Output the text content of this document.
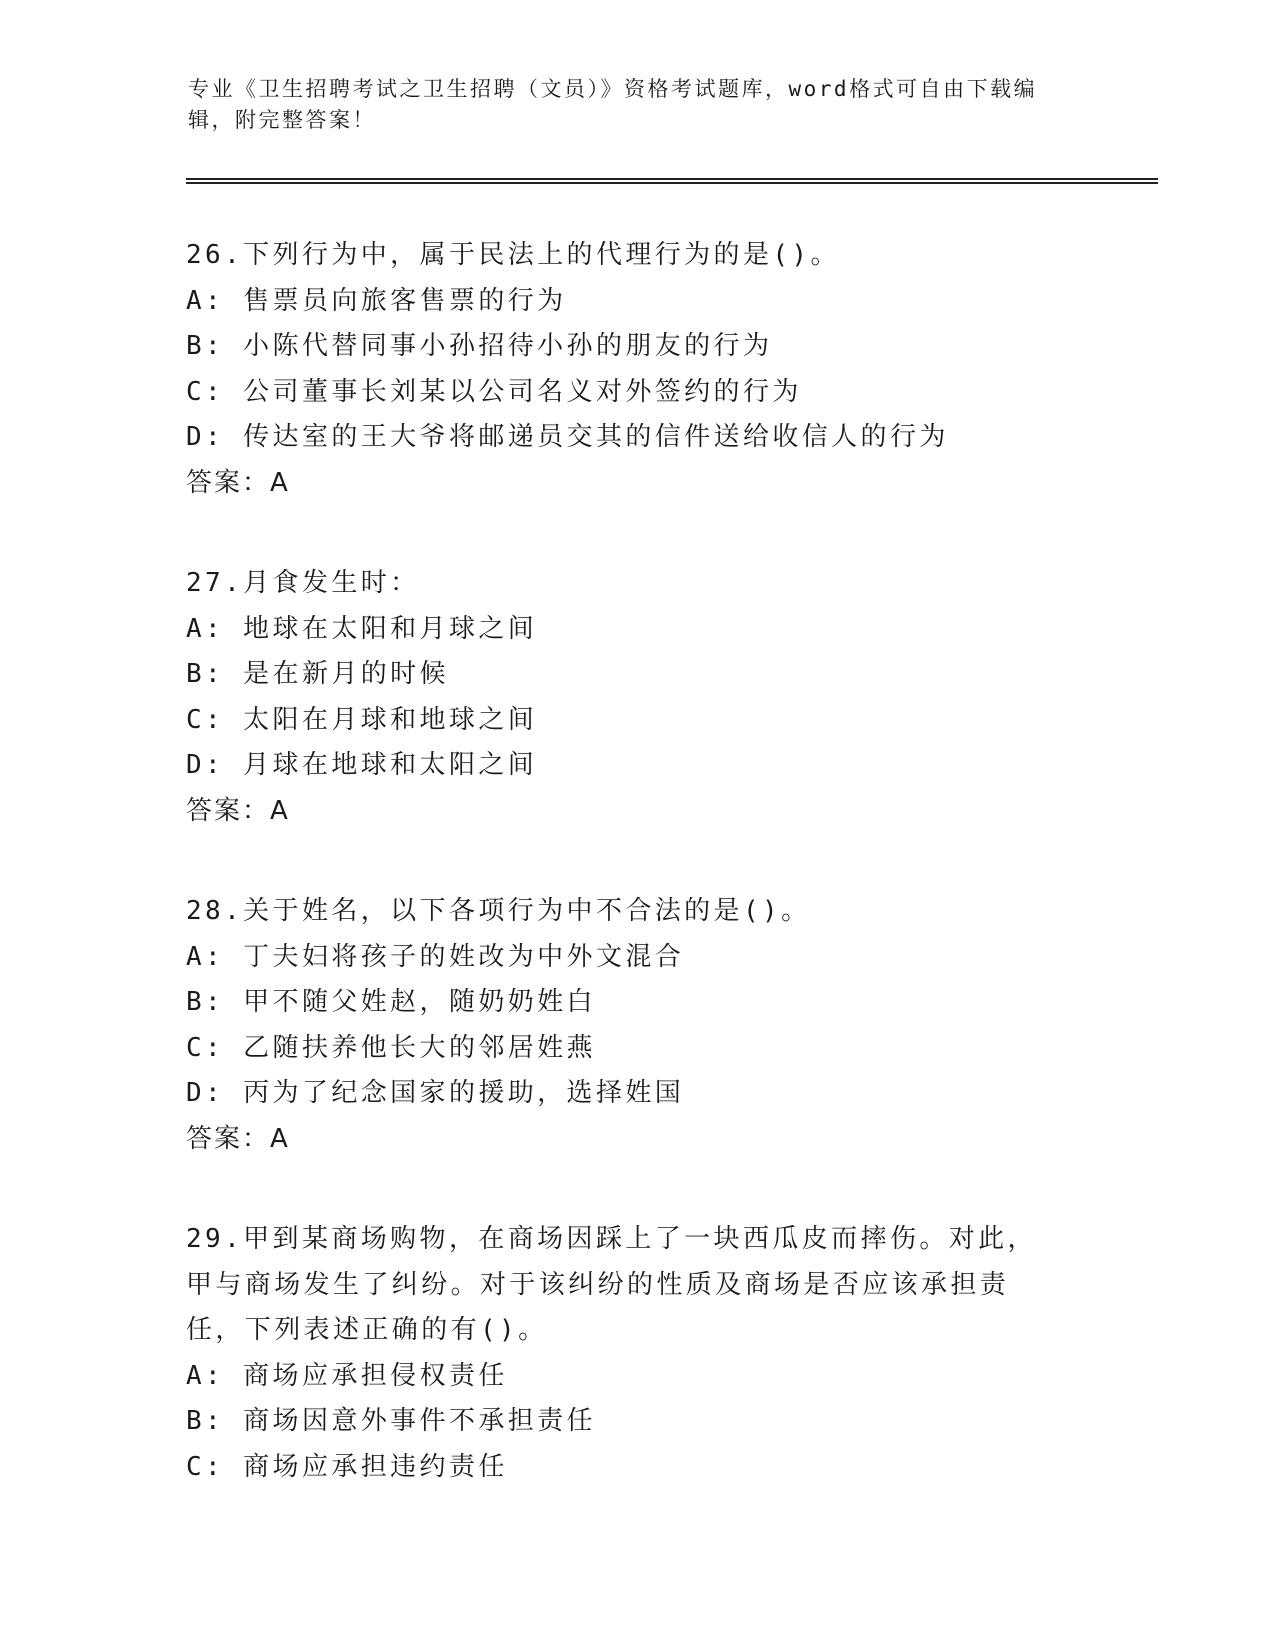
专业《卫生招聘考试之卫生招聘（文员）》资格考试题库，word格式可自由下载编辑，附完整答案！
26.下列行为中，属于民法上的代理行为的是()。
A: 售票员向旅客售票的行为
B: 小陈代替同事小孙招待小孙的朋友的行为
C: 公司董事长刘某以公司名义对外签约的行为
D: 传达室的王大爷将邮递员交其的信件送给收信人的行为
答案：A
27.月食发生时：
A: 地球在太阳和月球之间
B: 是在新月的时候
C: 太阳在月球和地球之间
D: 月球在地球和太阳之间
答案：A
28.关于姓名，以下各项行为中不合法的是()。
A: 丁夫妇将孩子的姓改为中外文混合
B: 甲不随父姓赵，随奶奶姓白
C: 乙随扶养他长大的邻居姓燕
D: 丙为了纪念国家的援助，选择姓国
答案：A
29.甲到某商场购物，在商场因踩上了一块西瓜皮而摔伤。对此，甲与商场发生了纠纷。对于该纠纷的性质及商场是否应该承担责任，下列表述正确的有()。
A: 商场应承担侵权责任
B: 商场因意外事件不承担责任
C: 商场应承担违约责任
